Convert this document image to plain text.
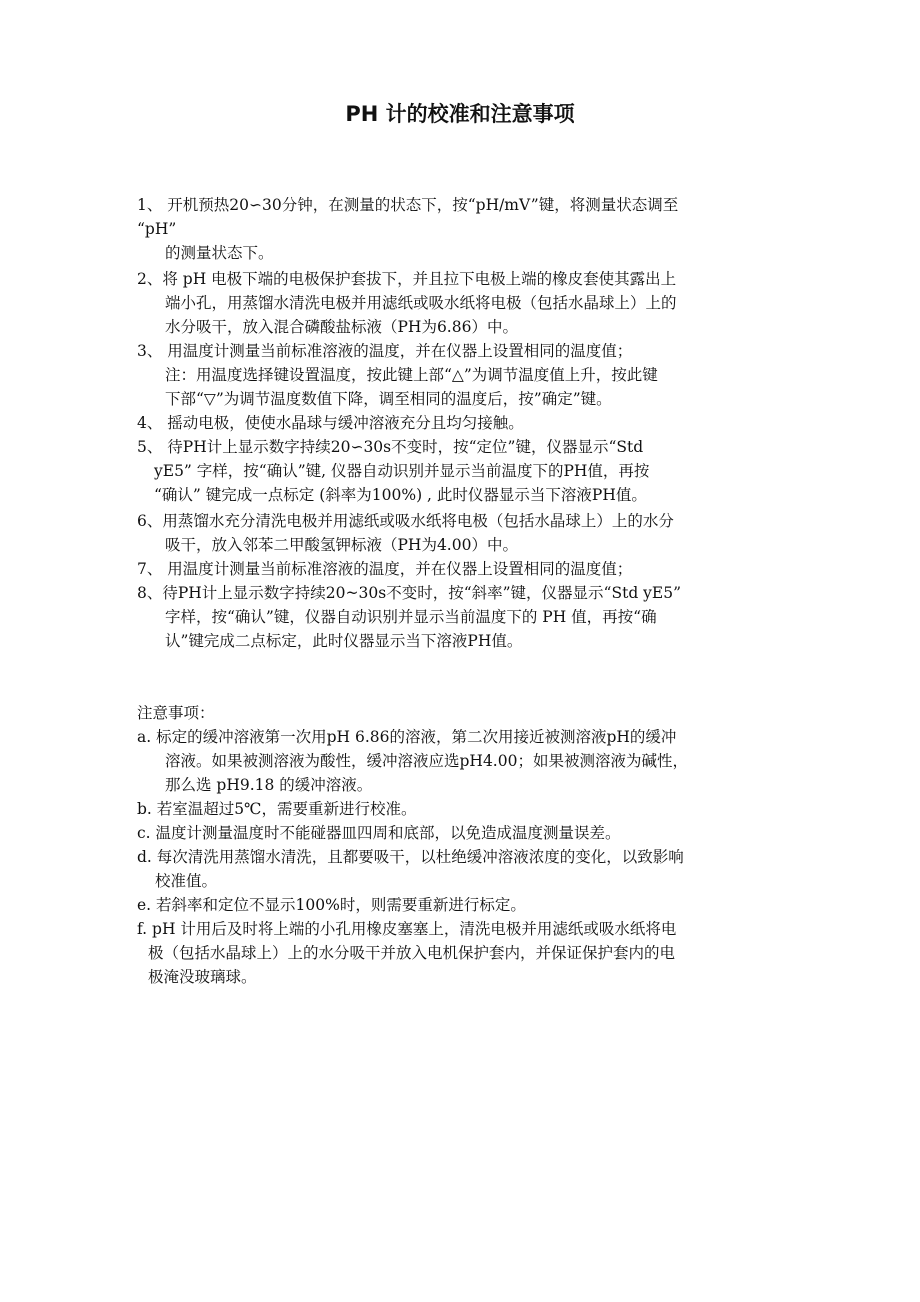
PH 计的校准和注意事项
1、 开机预热20∽30分钟，在测量的状态下，按“pH/mV”键，将测量状态调至
“pH”
的测量状态下。
2、将 pH 电极下端的电极保护套拔下，并且拉下电极上端的橡皮套使其露出上
端小孔，用蒸馏水清洗电极并用滤纸或吸水纸将电极（包括水晶球上）上的
水分吸干，放入混合磷酸盐标液（PH为6.86）中。
3、 用温度计测量当前标准溶液的温度，并在仪器上设置相同的温度值；
注：用温度选择键设置温度，按此键上部“△”为调节温度值上升，按此键
下部“▽”为调节温度数值下降，调至相同的温度后，按”确定”键。
4、 摇动电极，使使水晶球与缓冲溶液充分且均匀接触。
5、 待PH计上显示数字持续20∽30s不变时，按“定位”键，仪器显示“Std
yE5” 字样，按“确认”键, 仪器自动识别并显示当前温度下的PH值，再按
“确认” 键完成一点标定 (斜率为100%) , 此时仪器显示当下溶液PH值。
6、用蒸馏水充分清洗电极并用滤纸或吸水纸将电极（包括水晶球上）上的水分
吸干，放入邻苯二甲酸氢钾标液（PH为4.00）中。
7、 用温度计测量当前标准溶液的温度，并在仪器上设置相同的温度值；
8、待PH计上显示数字持续20~30s不变时，按“斜率”键，仪器显示“Std yE5”
字样，按“确认”键，仪器自动识别并显示当前温度下的 PH 值，再按“确
认”键完成二点标定，此时仪器显示当下溶液PH值。
注意事项：
a. 标定的缓冲溶液第一次用pH 6.86的溶液，第二次用接近被测溶液pH的缓冲
溶液。如果被测溶液为酸性，缓冲溶液应选pH4.00；如果被测溶液为碱性，
那么选 pH9.18 的缓冲溶液。
b. 若室温超过5℃，需要重新进行校准。
c. 温度计测量温度时不能碰器皿四周和底部，以免造成温度测量误差。
d. 每次清洗用蒸馏水清洗，且都要吸干，以杜绝缓冲溶液浓度的变化，以致影响
校准值。
e. 若斜率和定位不显示100%时，则需要重新进行标定。
f. pH 计用后及时将上端的小孔用橡皮塞塞上，清洗电极并用滤纸或吸水纸将电
极（包括水晶球上）上的水分吸干并放入电机保护套内，并保证保护套内的电
极淹没玻璃球。
